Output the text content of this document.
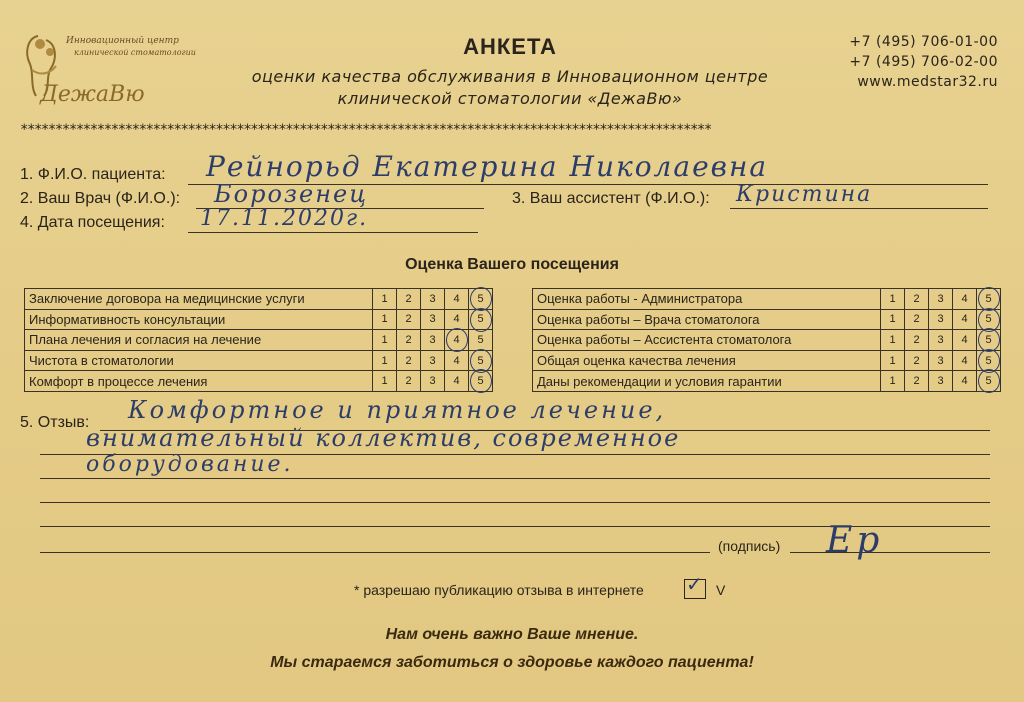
Инновационный центр
клинической стоматологии
ДежаВю
АНКЕТА
оценки качества обслуживания в Инновационном центре
клинической стоматологии «ДежаВю»
+7 (495) 706-01-00
+7 (495) 706-02-00
www.medstar32.ru
***************************************************************************************************
1. Ф.И.О. пациента: Рейнорьд Екатерина Николаевна
2. Ваш Врач (Ф.И.О.): Борозенец	3. Ваш ассистент (Ф.И.О.): Кристина
4. Дата посещения: 17.11.2020г.
Оценка Вашего посещения
Заключение договора на медицинские услуги	1	2	3	4	5

Информативность консультации	1	2	3	4	5

Плана лечения и согласия на лечение	1	2	3	4	5
Чистота в стоматологии	1	2	3	4	5

Комфорт в процессе лечения	1	2	3	4	5
Оценка работы - Администратора	1	2	3	4	5

Оценка работы – Врача стоматолога	1	2	3	4	5

Оценка работы – Ассистента стоматолога	1	2	3	4	5

Общая оценка качества лечения	1	2	3	4	5

Даны рекомендации и условия гарантии	1	2	3	4	5
5. Отзыв: Комфортное и приятное лечение,
внимательный коллектив, современное
оборудование.
(подпись) Ер
* разрешаю публикацию отзыва в интернете ✓ V
Нам очень важно Ваше мнение.
Мы стараемся заботиться о здоровье каждого пациента!
